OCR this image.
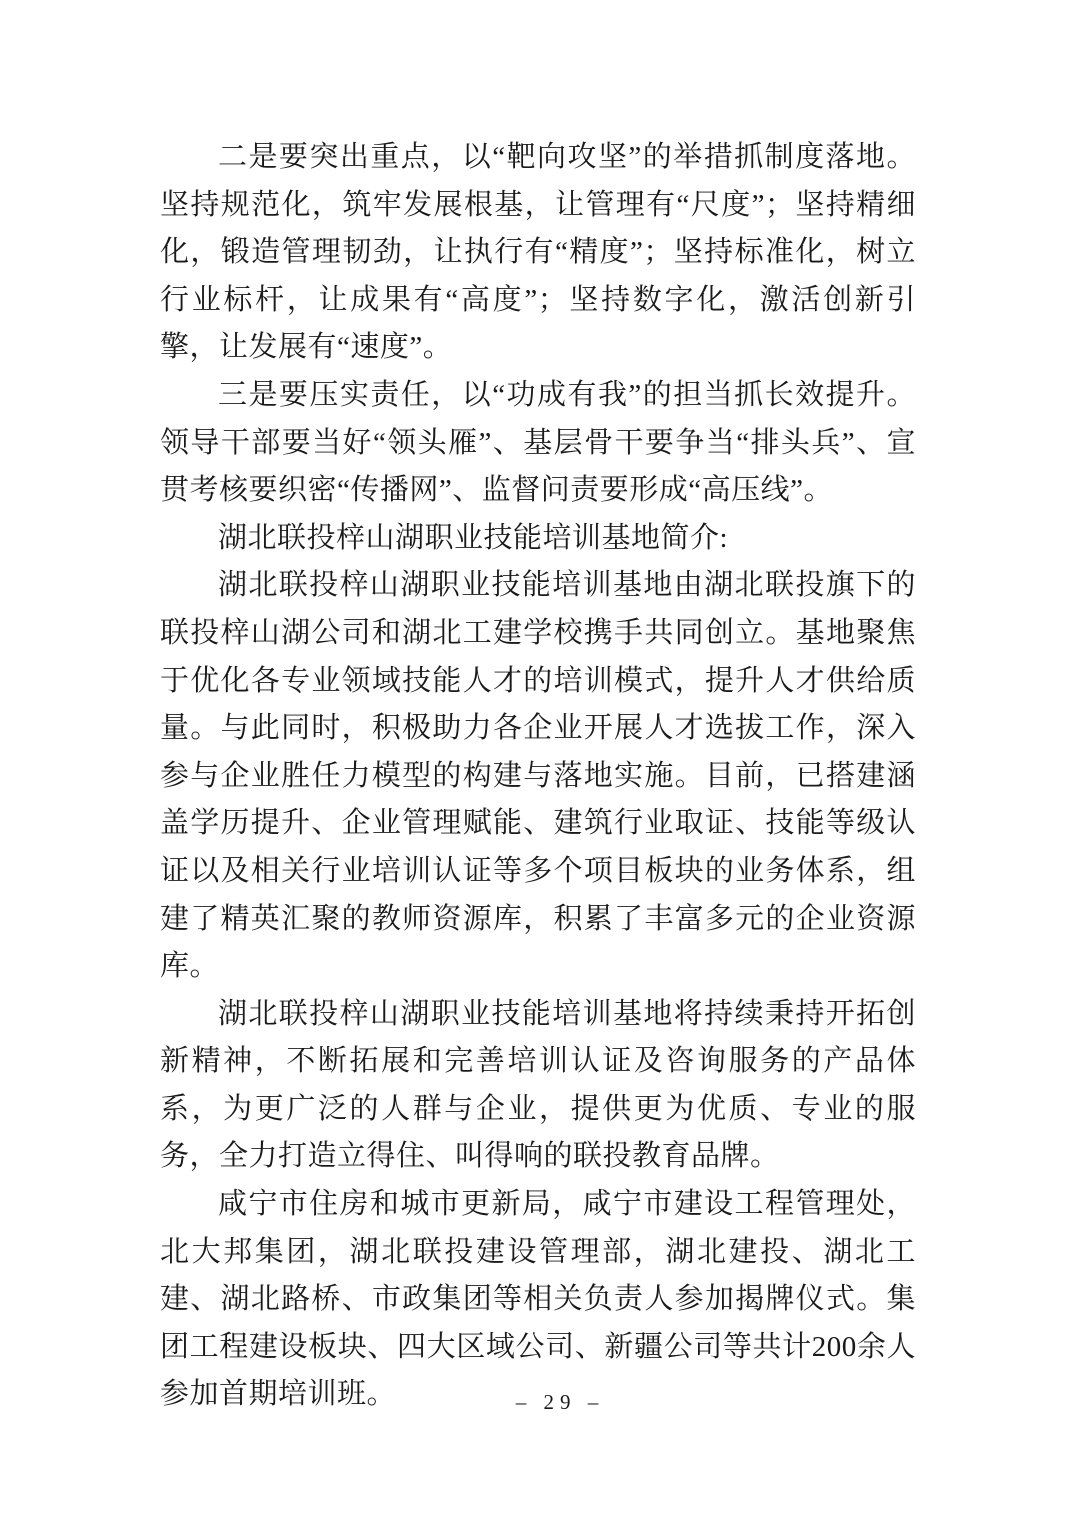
二是要突出重点，以“靶向攻坚”的举措抓制度落地。坚持规范化，筑牢发展根基，让管理有“尺度”；坚持精细化，锻造管理韧劲，让执行有“精度”；坚持标准化，树立行业标杆，让成果有“高度”；坚持数字化，激活创新引擎，让发展有“速度”。

三是要压实责任，以“功成有我”的担当抓长效提升。领导干部要当好“领头雁”、基层骨干要争当“排头兵”、宣贯考核要织密“传播网”、监督问责要形成“高压线”。

湖北联投梓山湖职业技能培训基地简介:

湖北联投梓山湖职业技能培训基地由湖北联投旗下的联投梓山湖公司和湖北工建学校携手共同创立。基地聚焦于优化各专业领域技能人才的培训模式，提升人才供给质量。与此同时，积极助力各企业开展人才选拔工作，深入参与企业胜任力模型的构建与落地实施。目前，已搭建涵盖学历提升、企业管理赋能、建筑行业取证、技能等级认证以及相关行业培训认证等多个项目板块的业务体系，组建了精英汇聚的教师资源库，积累了丰富多元的企业资源库。

湖北联投梓山湖职业技能培训基地将持续秉持开拓创新精神，不断拓展和完善培训认证及咨询服务的产品体系，为更广泛的人群与企业，提供更为优质、专业的服务，全力打造立得住、叫得响的联投教育品牌。

咸宁市住房和城市更新局，咸宁市建设工程管理处，北大邦集团，湖北联投建设管理部，湖北建投、湖北工建、湖北路桥、市政集团等相关负责人参加揭牌仪式。集团工程建设板块、四大区域公司、新疆公司等共计200余人参加首期培训班。	– 29 –
